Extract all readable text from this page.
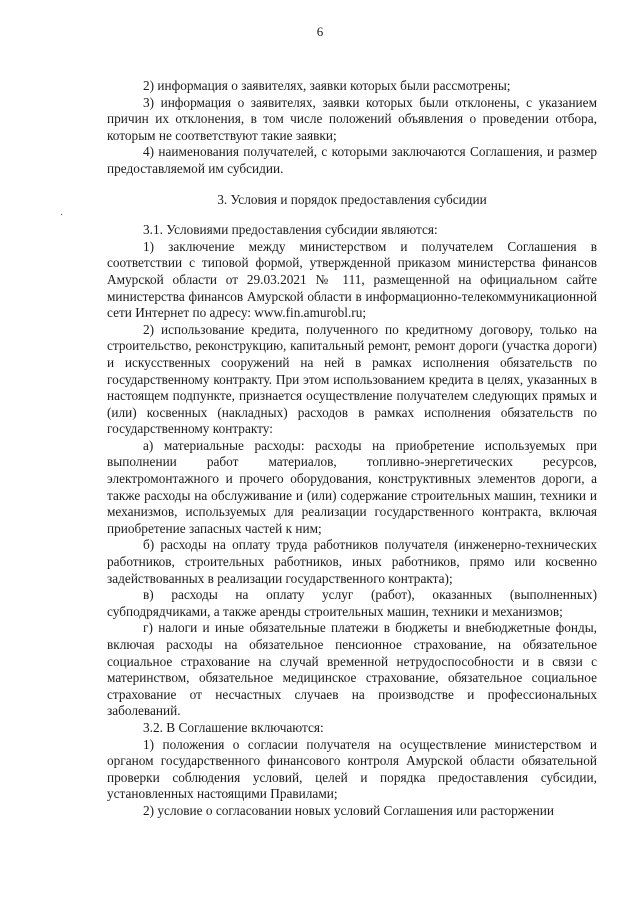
6
·

2) информация о заявителях, заявки которых были рассмотрены;

3) информация о заявителях, заявки которых были отклонены, с указанием причин их отклонения, в том числе положений объявления о проведении отбора, которым не соответствуют такие заявки;

4) наименования получателей, с которыми заключаются Соглашения, и размер предоставляемой им субсидии.

3. Условия и порядок предоставления субсидии

3.1. Условиями предоставления субсидии являются:

1) заключение между министерством и получателем Соглашения в соответствии с типовой формой, утвержденной приказом министерства финансов Амурской области от 29.03.2021 № 111, размещенной на официальном сайте министерства финансов Амурской области в информационно-телекоммуникационной сети Интернет по адресу: www.fin.amurobl.ru;

2) использование кредита, полученного по кредитному договору, только на строительство, реконструкцию, капитальный ремонт, ремонт дороги (участка дороги) и искусственных сооружений на ней в рамках исполнения обязательств по государственному контракту. При этом использованием кредита в целях, указанных в настоящем подпункте, признается осуществление получателем следующих прямых и (или) косвенных (накладных) расходов в рамках исполнения обязательств по государственному контракту:

а) материальные расходы: расходы на приобретение используемых при выполнении работ материалов, топливно-энергетических ресурсов, электромонтажного и прочего оборудования, конструктивных элементов дороги, а также расходы на обслуживание и (или) содержание строительных машин, техники и механизмов, используемых для реализации государственного контракта, включая приобретение запасных частей к ним;

б) расходы на оплату труда работников получателя (инженерно-технических работников, строительных работников, иных работников, прямо или косвенно задействованных в реализации государственного контракта);

в) расходы на оплату услуг (работ), оказанных (выполненных) субподрядчиками, а также аренды строительных машин, техники и механизмов;

г) налоги и иные обязательные платежи в бюджеты и внебюджетные фонды, включая расходы на обязательное пенсионное страхование, на обязательное социальное страхование на случай временной нетрудоспособности и в связи с материнством, обязательное медицинское страхование, обязательное социальное страхование от несчастных случаев на производстве и профессиональных заболеваний.

3.2. В Соглашение включаются:

1) положения о согласии получателя на осуществление министерством и органом государственного финансового контроля Амурской области обязательной проверки соблюдения условий, целей и порядка предоставления субсидии, установленных настоящими Правилами;

2) условие о согласовании новых условий Соглашения или расторжении
